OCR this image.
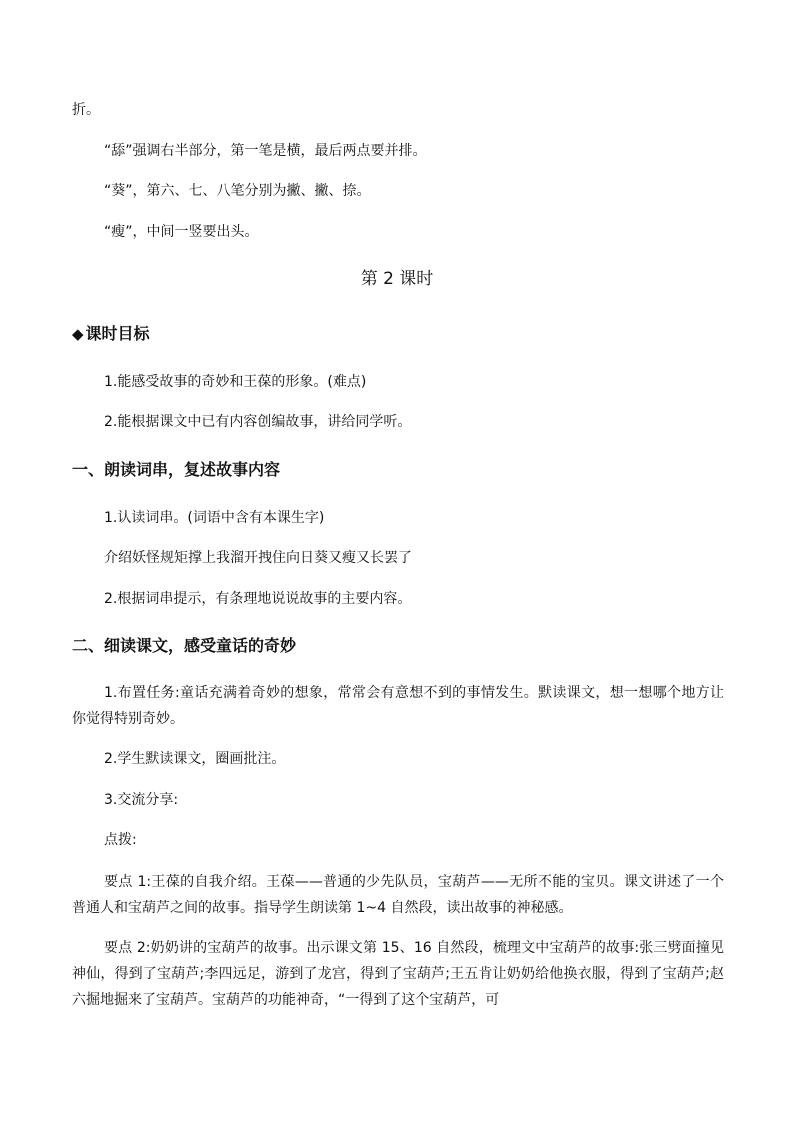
折。
“舔”强调右半部分，第一笔是横，最后两点要并排。
“葵”，第六、七、八笔分别为撇、撇、捺。
“瘦”，中间一竖要出头。
第 2 课时
◆ 课时目标
1.能感受故事的奇妙和王葆的形象。(难点)
2.能根据课文中已有内容创编故事，讲给同学听。
一、朗读词串，复述故事内容
1.认读词串。(词语中含有本课生字)
介绍妖怪规矩撑上我溜开拽住向日葵又瘦又长罢了
2.根据词串提示，有条理地说说故事的主要内容。
二、细读课文，感受童话的奇妙
1.布置任务:童话充满着奇妙的想象，常常会有意想不到的事情发生。默读课文，想一想哪个地方让你觉得特别奇妙。
2.学生默读课文，圈画批注。
3.交流分享:
点拨:
要点 1:王葆的自我介绍。王葆——普通的少先队员，宝葫芦——无所不能的宝贝。课文讲述了一个普通人和宝葫芦之间的故事。指导学生朗读第 1~4 自然段，读出故事的神秘感。
要点 2:奶奶讲的宝葫芦的故事。出示课文第 15、16 自然段，梳理文中宝葫芦的故事:张三劈面撞见神仙，得到了宝葫芦;李四远足，游到了龙宫，得到了宝葫芦;王五肯让奶奶给他换衣服，得到了宝葫芦;赵六掘地掘来了宝葫芦。宝葫芦的功能神奇，“一得到了这个宝葫芦，可
